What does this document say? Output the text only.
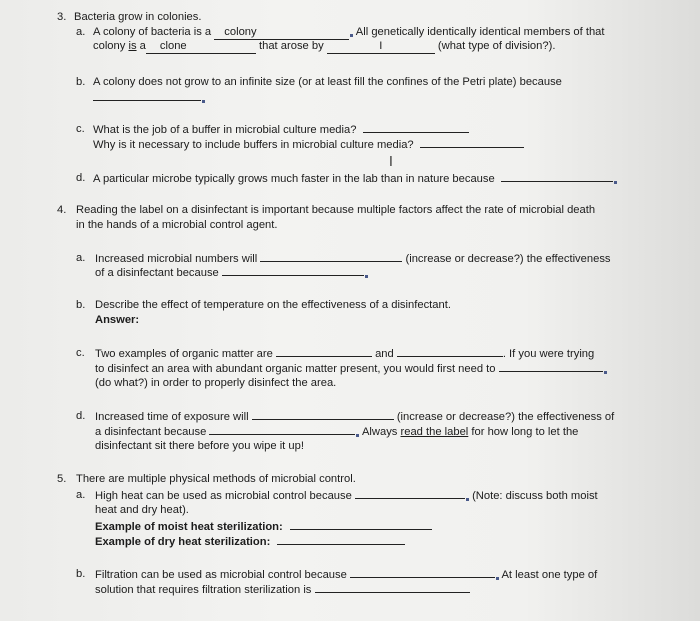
3. Bacteria grow in colonies.
a. A colony of bacteria is a colony	All genetically identically identical members of that
colony is a clone	that arose by	I	(what type of division?).
b. A colony does not grow to an infinite size (or at least fill the confines of the Petri plate) because
c. What is the job of a buffer in microbial culture media?
Why is it necessary to include buffers in microbial culture media?
I
d. A particular microbe typically grows much faster in the lab than in nature because
4. Reading the label on a disinfectant is important because multiple factors affect the rate of microbial death
in the hands of a microbial control agent.
a. Increased microbial numbers will	(increase or decrease?) the effectiveness
of a disinfectant because
b. Describe the effect of temperature on the effectiveness of a disinfectant.
Answer:
c. Two examples of organic matter are	and	. If you were trying
to disinfect an area with abundant organic matter present, you would first need to
(do what?) in order to properly disinfect the area.
d. Increased time of exposure will	(increase or decrease?) the effectiveness of
a disinfectant because	Always read the label for how long to let the
disinfectant sit there before you wipe it up!
5. There are multiple physical methods of microbial control.
a. High heat can be used as microbial control because	(Note: discuss both moist
heat and dry heat).
Example of moist heat sterilization:
Example of dry heat sterilization:
b. Filtration can be used as microbial control because	At least one type of
solution that requires filtration sterilization is
